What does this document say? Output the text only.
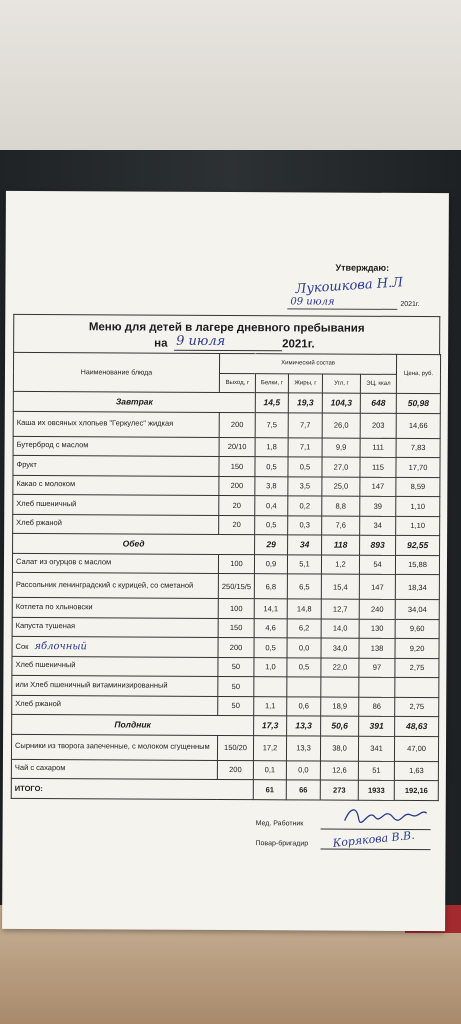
Утверждаю:
Лукошкова Н.Л
09 июля	2021г.
Меню для детей в лагере дневного пребывания
на 9 июля	2021г.
Наименование блюда	Химический состав					Цена, руб.
	Выход, г	Белки, г	Жиры, г	Угл, г	ЭЦ, ккал	
Завтрак		14,5	19,3	104,3	648	50,98
Каша их овсяных хлопьев "Геркулес" жидкая	200	7,5	7,7	26,0	203	14,66
Бутерброд с маслом	20/10	1,8	7,1	9,9	111	7,83
Фрукт	150	0,5	0,5	27,0	115	17,70
Какао с молоком	200	3,8	3,5	25,0	147	8,59
Хлеб пшеничный	20	0,4	0,2	8,8	39	1,10
Хлеб ржаной	20	0,5	0,3	7,6	34	1,10
Обед		29	34	118	893	92,55
Салат из огурцов с маслом	100	0,9	5,1	1,2	54	15,88
Рассольник ленинградский с курицей, со сметаной	250/15/5	6,8	6,5	15,4	147	18,34
Котлета по хлыновски	100	14,1	14,8	12,7	240	34,04
Капуста тушеная	150	4,6	6,2	14,0	130	9,60
Сок яблочный	200	0,5	0,0	34,0	138	9,20
Хлеб пшеничный	50	1,0	0,5	22,0	97	2,75
или Хлеб пшеничный витаминизированный	50					
Хлеб ржаной	50	1,1	0,6	18,9	86	2,75
Полдник		17,3	13,3	50,6	391	48,63
Сырники из творога запеченные, с молоком сгущенным	150/20	17,2	13,3	38,0	341	47,00
Чай с сахаром	200	0,1	0,0	12,6	51	1,63
ИТОГО:		61	66	273	1933	192,16
Мед. Работник
Повар-бригадир Корякова В.В.
